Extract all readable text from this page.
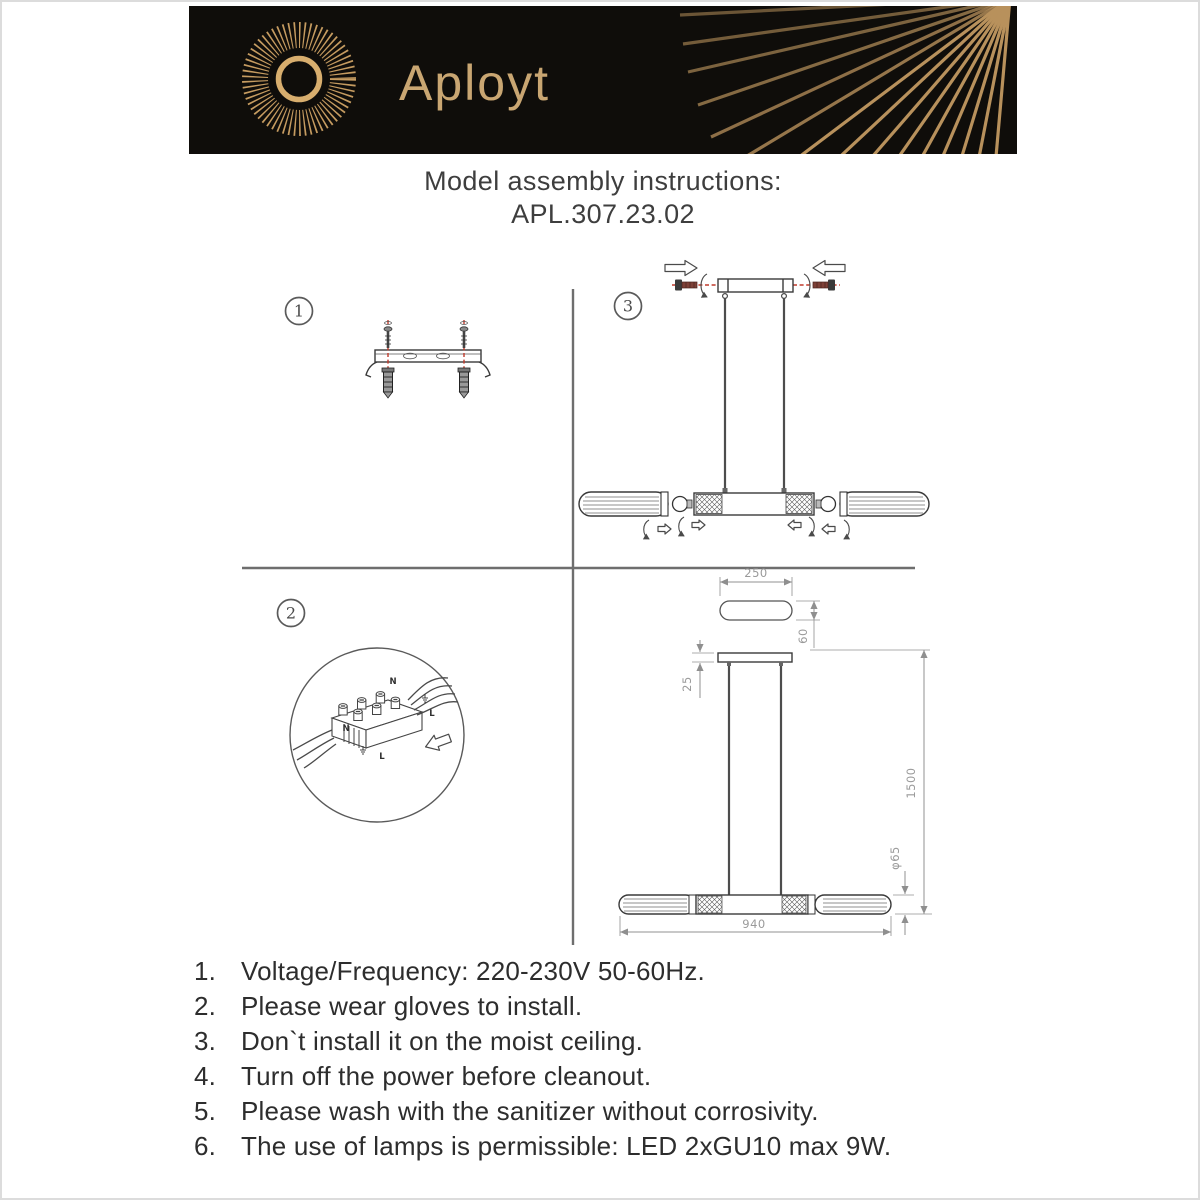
Aployt
Model assembly instructions:
APL.307.23.02
1	3
2
N
L
N
L
250
60
25
940
1500
φ65
1. Voltage/Frequency: 220-230V 50-60Hz.
2. Please wear gloves to install.
3. Don`t install it on the moist ceiling.
4. Turn off the power before cleanout.
5. Please wash with the sanitizer without corrosivity.
6. The use of lamps is permissible: LED 2xGU10 max 9W.
